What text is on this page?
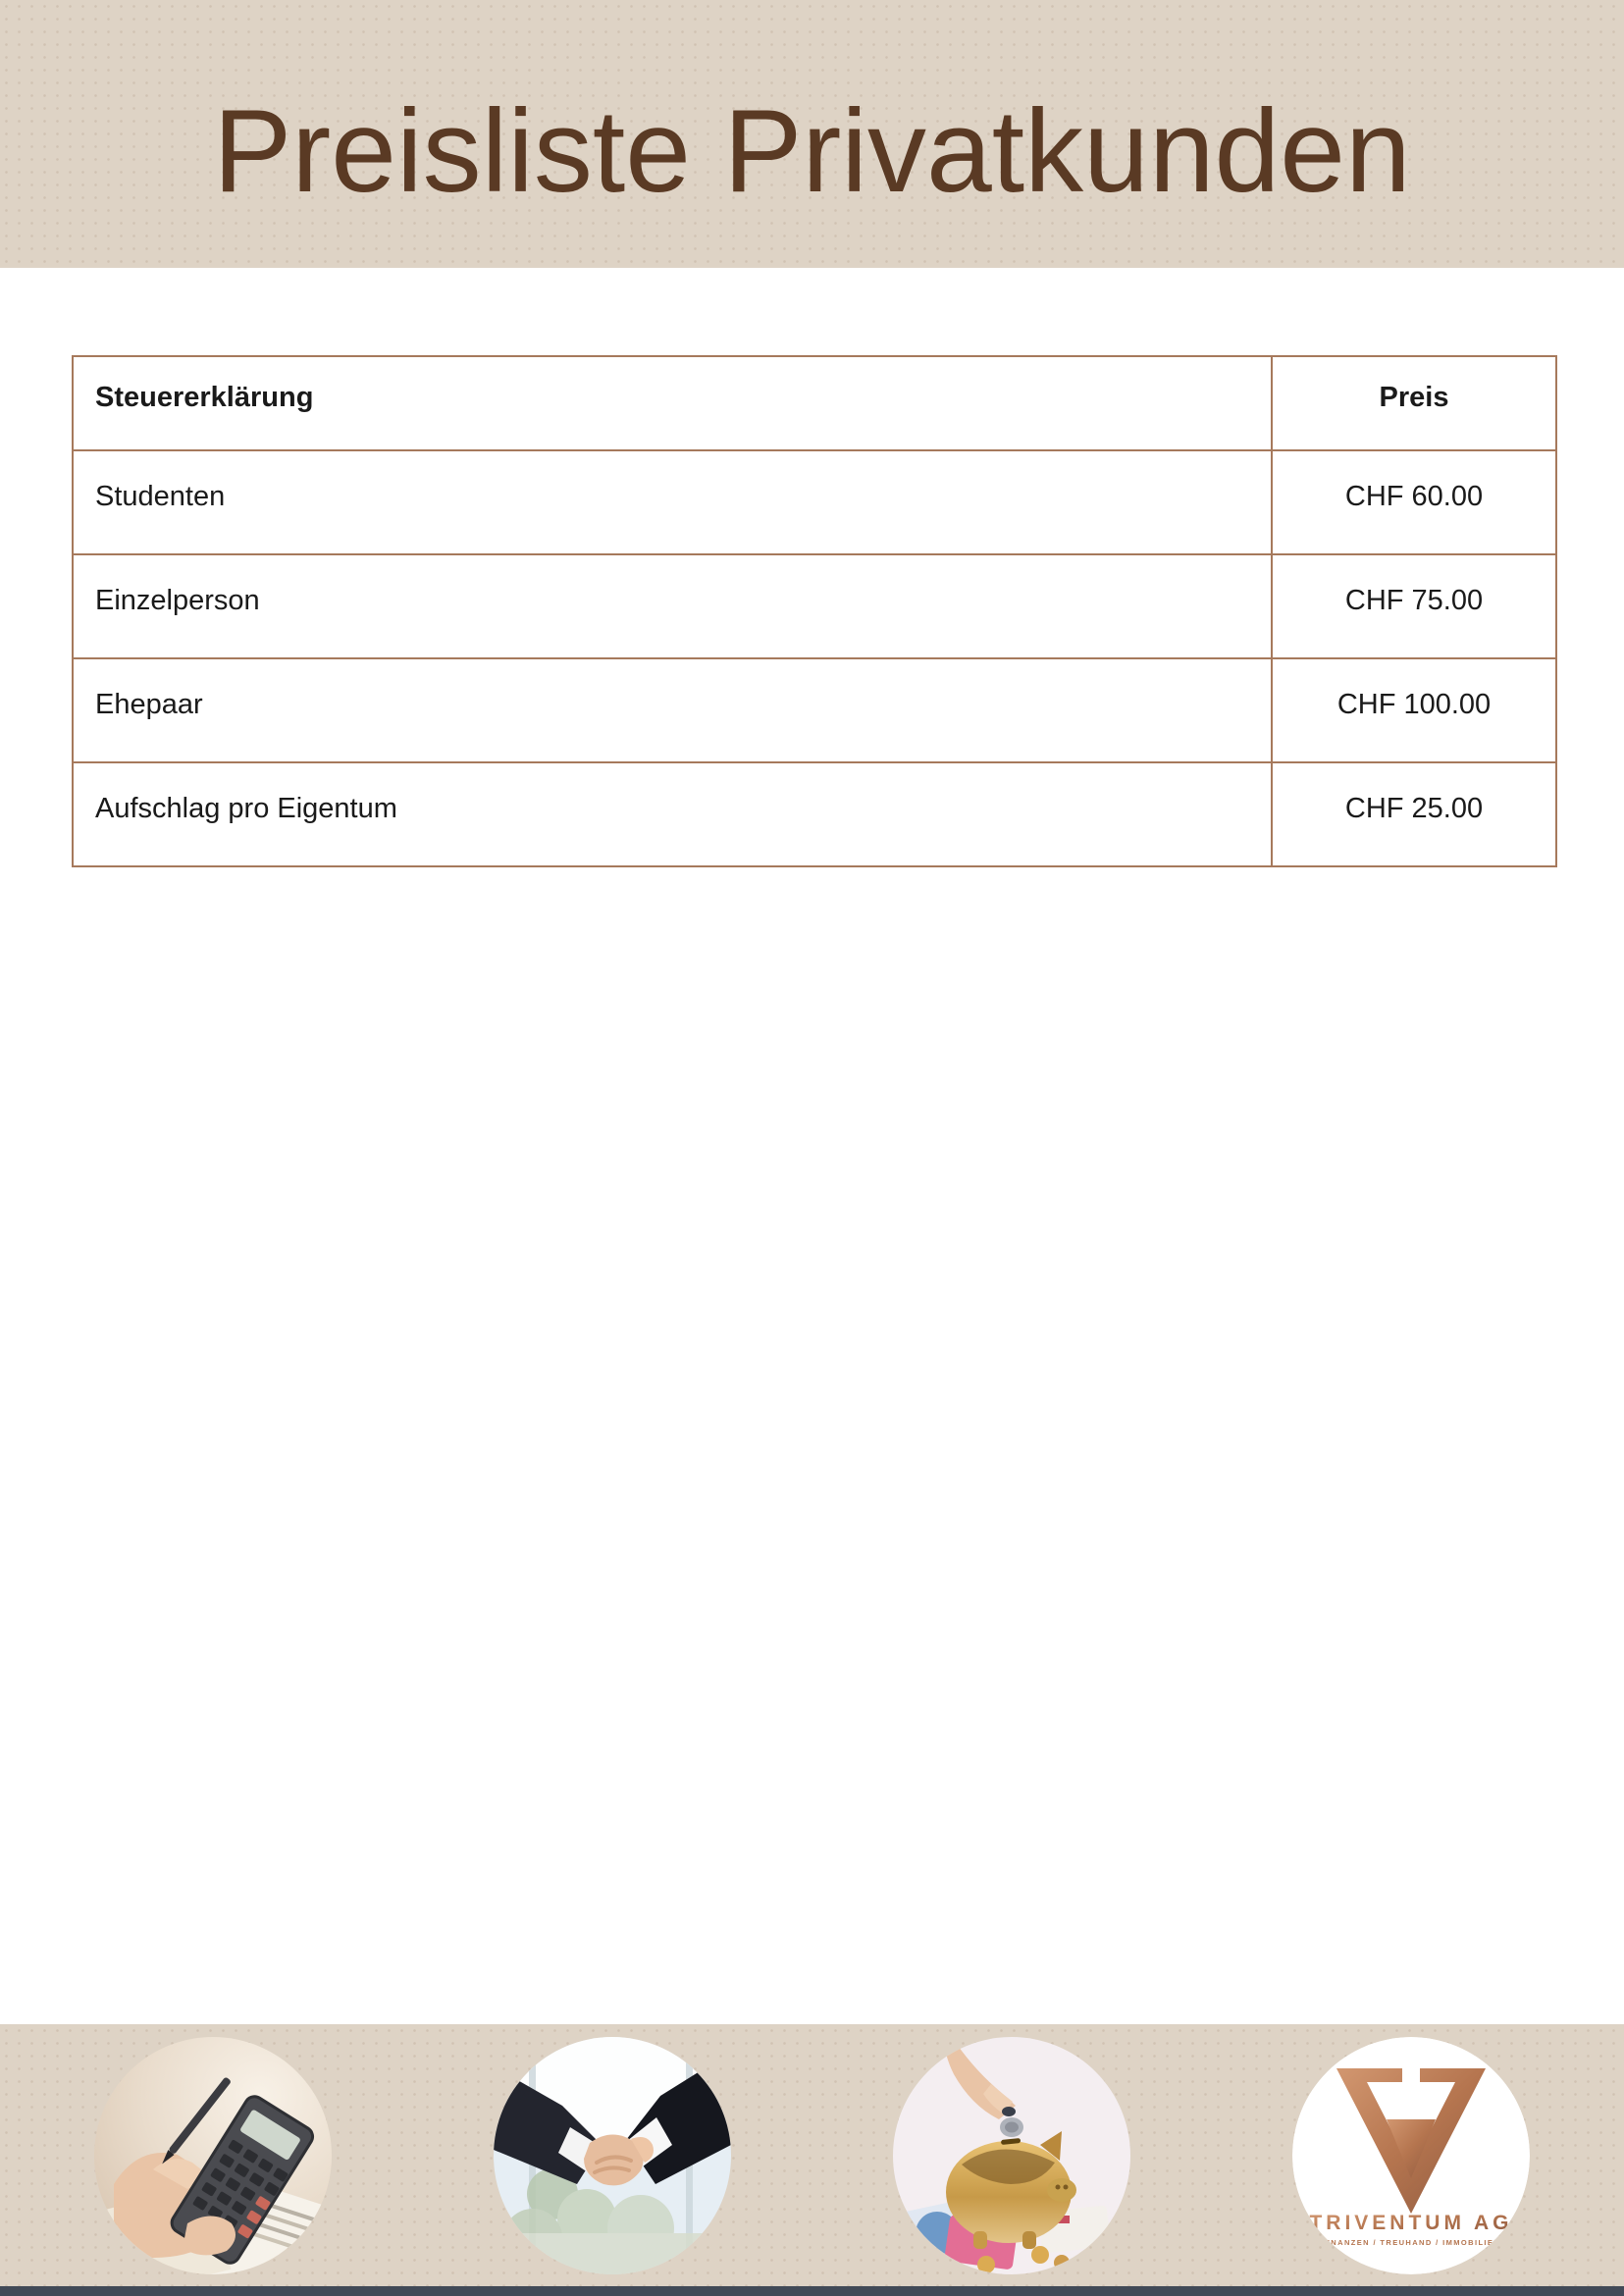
Preisliste Privatkunden
Steuererklärung	Preis
Studenten	CHF 60.00
Einzelperson	CHF 75.00
Ehepaar	CHF 100.00
Aufschlag pro Eigentum	CHF 25.00
TRIVENTUM AG
FINANZEN / TREUHAND / IMMOBILIEN
